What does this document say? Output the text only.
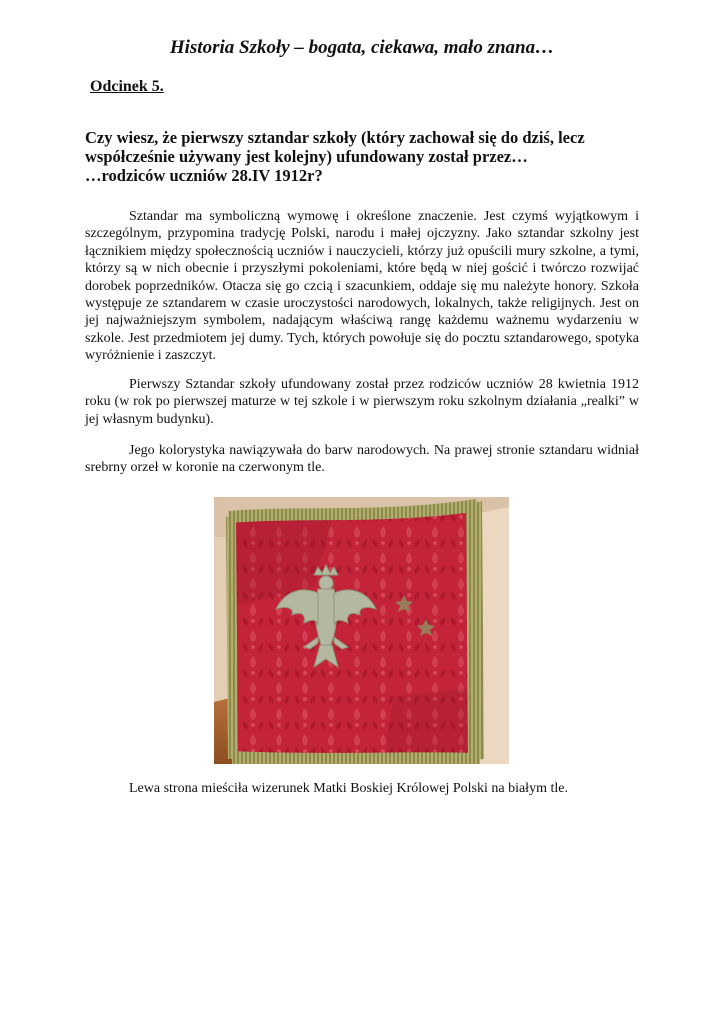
Historia Szkoły – bogata, ciekawa, mało znana…
Odcinek 5.
Czy wiesz, że pierwszy sztandar szkoły (który zachował się do dziś, lecz
współcześnie używany jest kolejny) ufundowany został przez…
…rodziców uczniów 28.IV 1912r?

Sztandar ma symboliczną wymowę i określone znaczenie. Jest czymś wyjątkowym i szczególnym, przypomina tradycję Polski, narodu i małej ojczyzny. Jako sztandar szkolny jest łącznikiem między społecznością uczniów i nauczycieli, którzy już opuścili mury szkolne, a tymi, którzy są w nich obecnie i przyszłymi pokoleniami, które będą w niej gościć i twórczo rozwijać dorobek poprzedników. Otacza się go czcią i szacunkiem, oddaje się mu należyte honory. Szkoła występuje ze sztandarem w czasie uroczystości narodowych, lokalnych, także religijnych. Jest on jej najważniejszym symbolem, nadającym właściwą rangę każdemu ważnemu wydarzeniu w szkole. Jest przedmiotem jej dumy. Tych, których powołuje się do pocztu sztandarowego, spotyka wyróżnienie i zaszczyt.

Pierwszy Sztandar szkoły ufundowany został przez rodziców uczniów 28 kwietnia 1912 roku (w rok po pierwszej maturze w tej szkole i w pierwszym roku szkolnym działania „realki” w jej własnym budynku).

Jego kolorystyka nawiązywała do barw narodowych. Na prawej stronie sztandaru widniał srebrny orzeł w koronie na czerwonym tle.

Lewa strona mieściła wizerunek Matki Boskiej Królowej Polski na białym tle.
